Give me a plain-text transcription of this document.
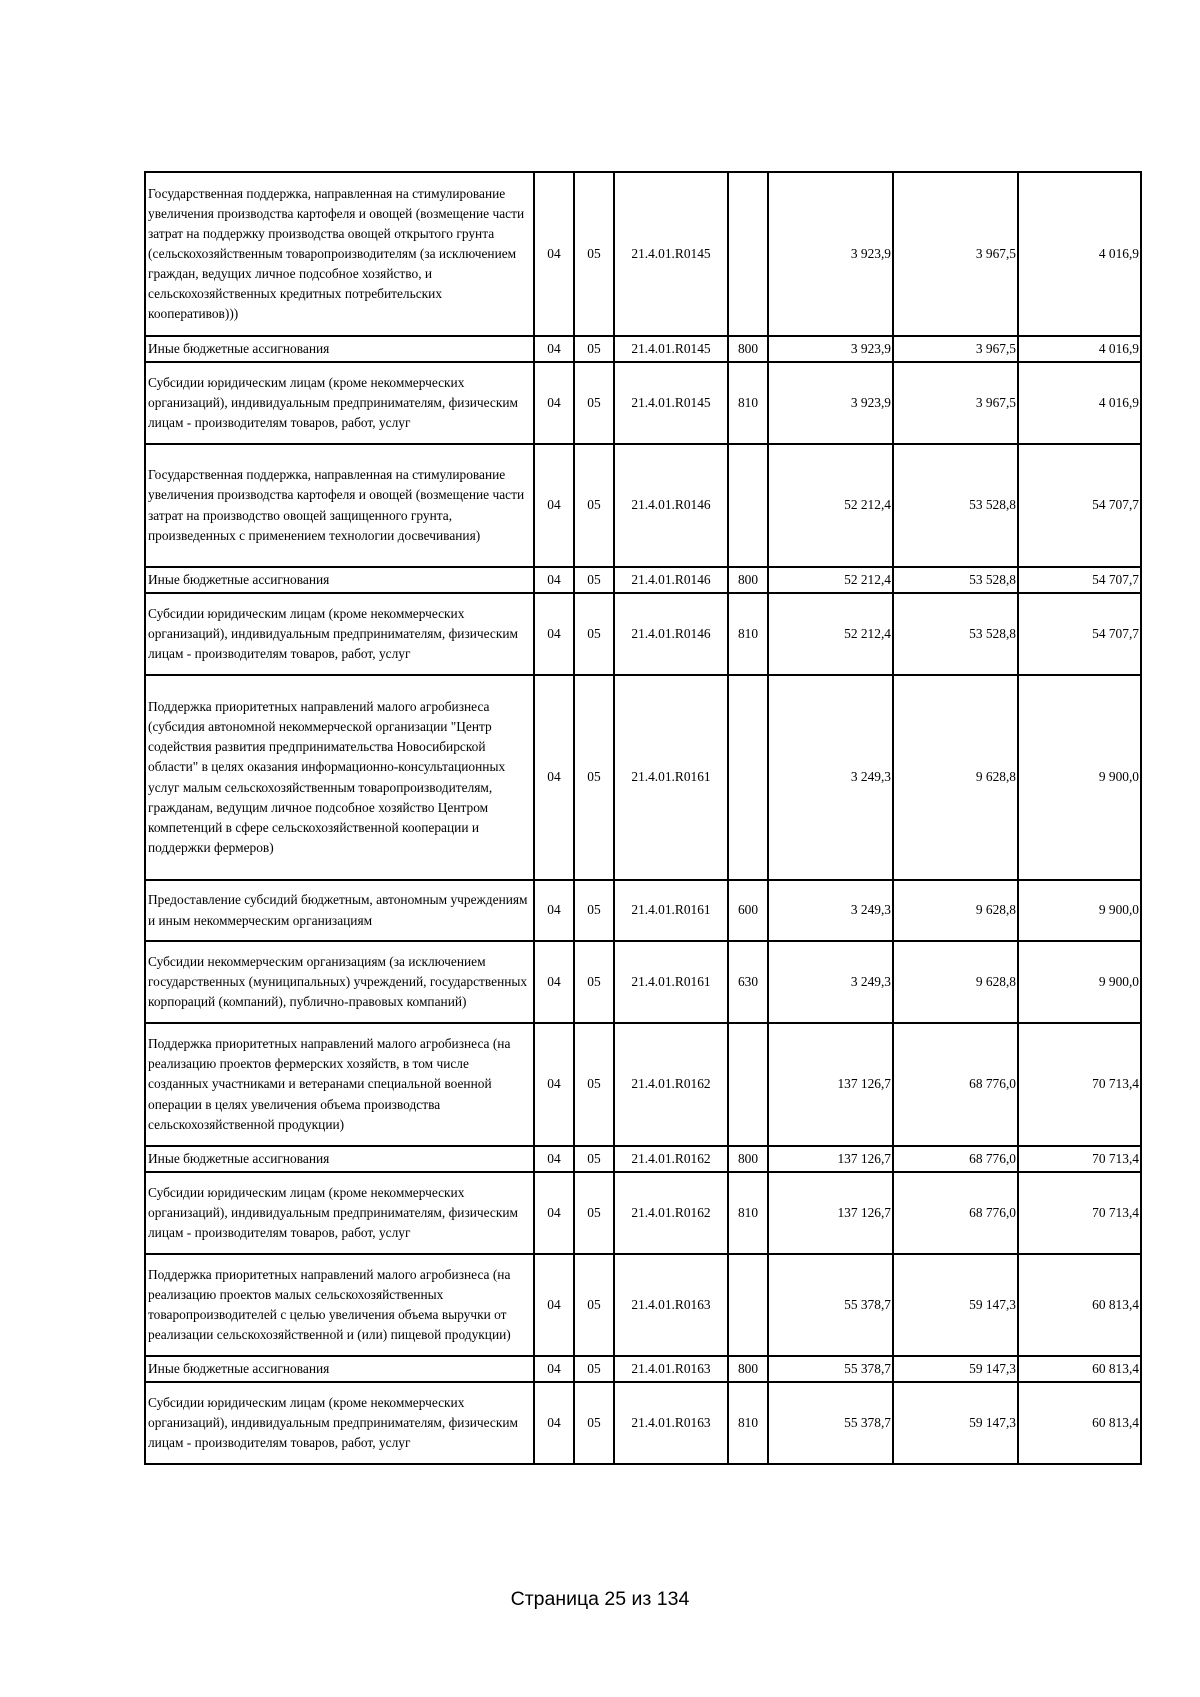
Государственная поддержка, направленная на стимулирование увеличения производства картофеля и овощей (возмещение части затрат на поддержку производства овощей открытого грунта (сельскохозяйственным товаропроизводителям (за исключением граждан, ведущих личное подсобное хозяйство, и сельскохозяйственных кредитных потребительских кооперативов)))	04	05	21.4.01.R0145		3 923,9	3 967,5	4 016,9
Иные бюджетные ассигнования	04	05	21.4.01.R0145	800	3 923,9	3 967,5	4 016,9
Субсидии юридическим лицам (кроме некоммерческих организаций), индивидуальным предпринимателям, физическим лицам - производителям товаров, работ, услуг	04	05	21.4.01.R0145	810	3 923,9	3 967,5	4 016,9
Государственная поддержка, направленная на стимулирование увеличения производства картофеля и овощей (возмещение части затрат на производство овощей защищенного грунта, произведенных с применением технологии досвечивания)	04	05	21.4.01.R0146		52 212,4	53 528,8	54 707,7
Иные бюджетные ассигнования	04	05	21.4.01.R0146	800	52 212,4	53 528,8	54 707,7
Субсидии юридическим лицам (кроме некоммерческих организаций), индивидуальным предпринимателям, физическим лицам - производителям товаров, работ, услуг	04	05	21.4.01.R0146	810	52 212,4	53 528,8	54 707,7
Поддержка приоритетных направлений малого агробизнеса (субсидия автономной некоммерческой организации "Центр содействия развития предпринимательства Новосибирской области" в целях оказания информационно-консультационных услуг малым сельскохозяйственным товаропроизводителям, гражданам, ведущим личное подсобное хозяйство Центром компетенций в сфере сельскохозяйственной кооперации и поддержки фермеров)	04	05	21.4.01.R0161		3 249,3	9 628,8	9 900,0
Предоставление субсидий бюджетным, автономным учреждениям и иным некоммерческим организациям	04	05	21.4.01.R0161	600	3 249,3	9 628,8	9 900,0
Субсидии некоммерческим организациям (за исключением государственных (муниципальных) учреждений, государственных корпораций (компаний), публично-правовых компаний)	04	05	21.4.01.R0161	630	3 249,3	9 628,8	9 900,0
Поддержка приоритетных направлений малого агробизнеса (на реализацию проектов фермерских хозяйств, в том числе созданных участниками и ветеранами специальной военной операции в целях увеличения объема производства сельскохозяйственной продукции)	04	05	21.4.01.R0162		137 126,7	68 776,0	70 713,4
Иные бюджетные ассигнования	04	05	21.4.01.R0162	800	137 126,7	68 776,0	70 713,4
Субсидии юридическим лицам (кроме некоммерческих организаций), индивидуальным предпринимателям, физическим лицам - производителям товаров, работ, услуг	04	05	21.4.01.R0162	810	137 126,7	68 776,0	70 713,4
Поддержка приоритетных направлений малого агробизнеса (на реализацию проектов малых сельскохозяйственных товаропроизводителей с целью увеличения объема выручки от реализации сельскохозяйственной и (или) пищевой продукции)	04	05	21.4.01.R0163		55 378,7	59 147,3	60 813,4
Иные бюджетные ассигнования	04	05	21.4.01.R0163	800	55 378,7	59 147,3	60 813,4
Субсидии юридическим лицам (кроме некоммерческих организаций), индивидуальным предпринимателям, физическим лицам - производителям товаров, работ, услуг	04	05	21.4.01.R0163	810	55 378,7	59 147,3	60 813,4
Страница 25 из 134
